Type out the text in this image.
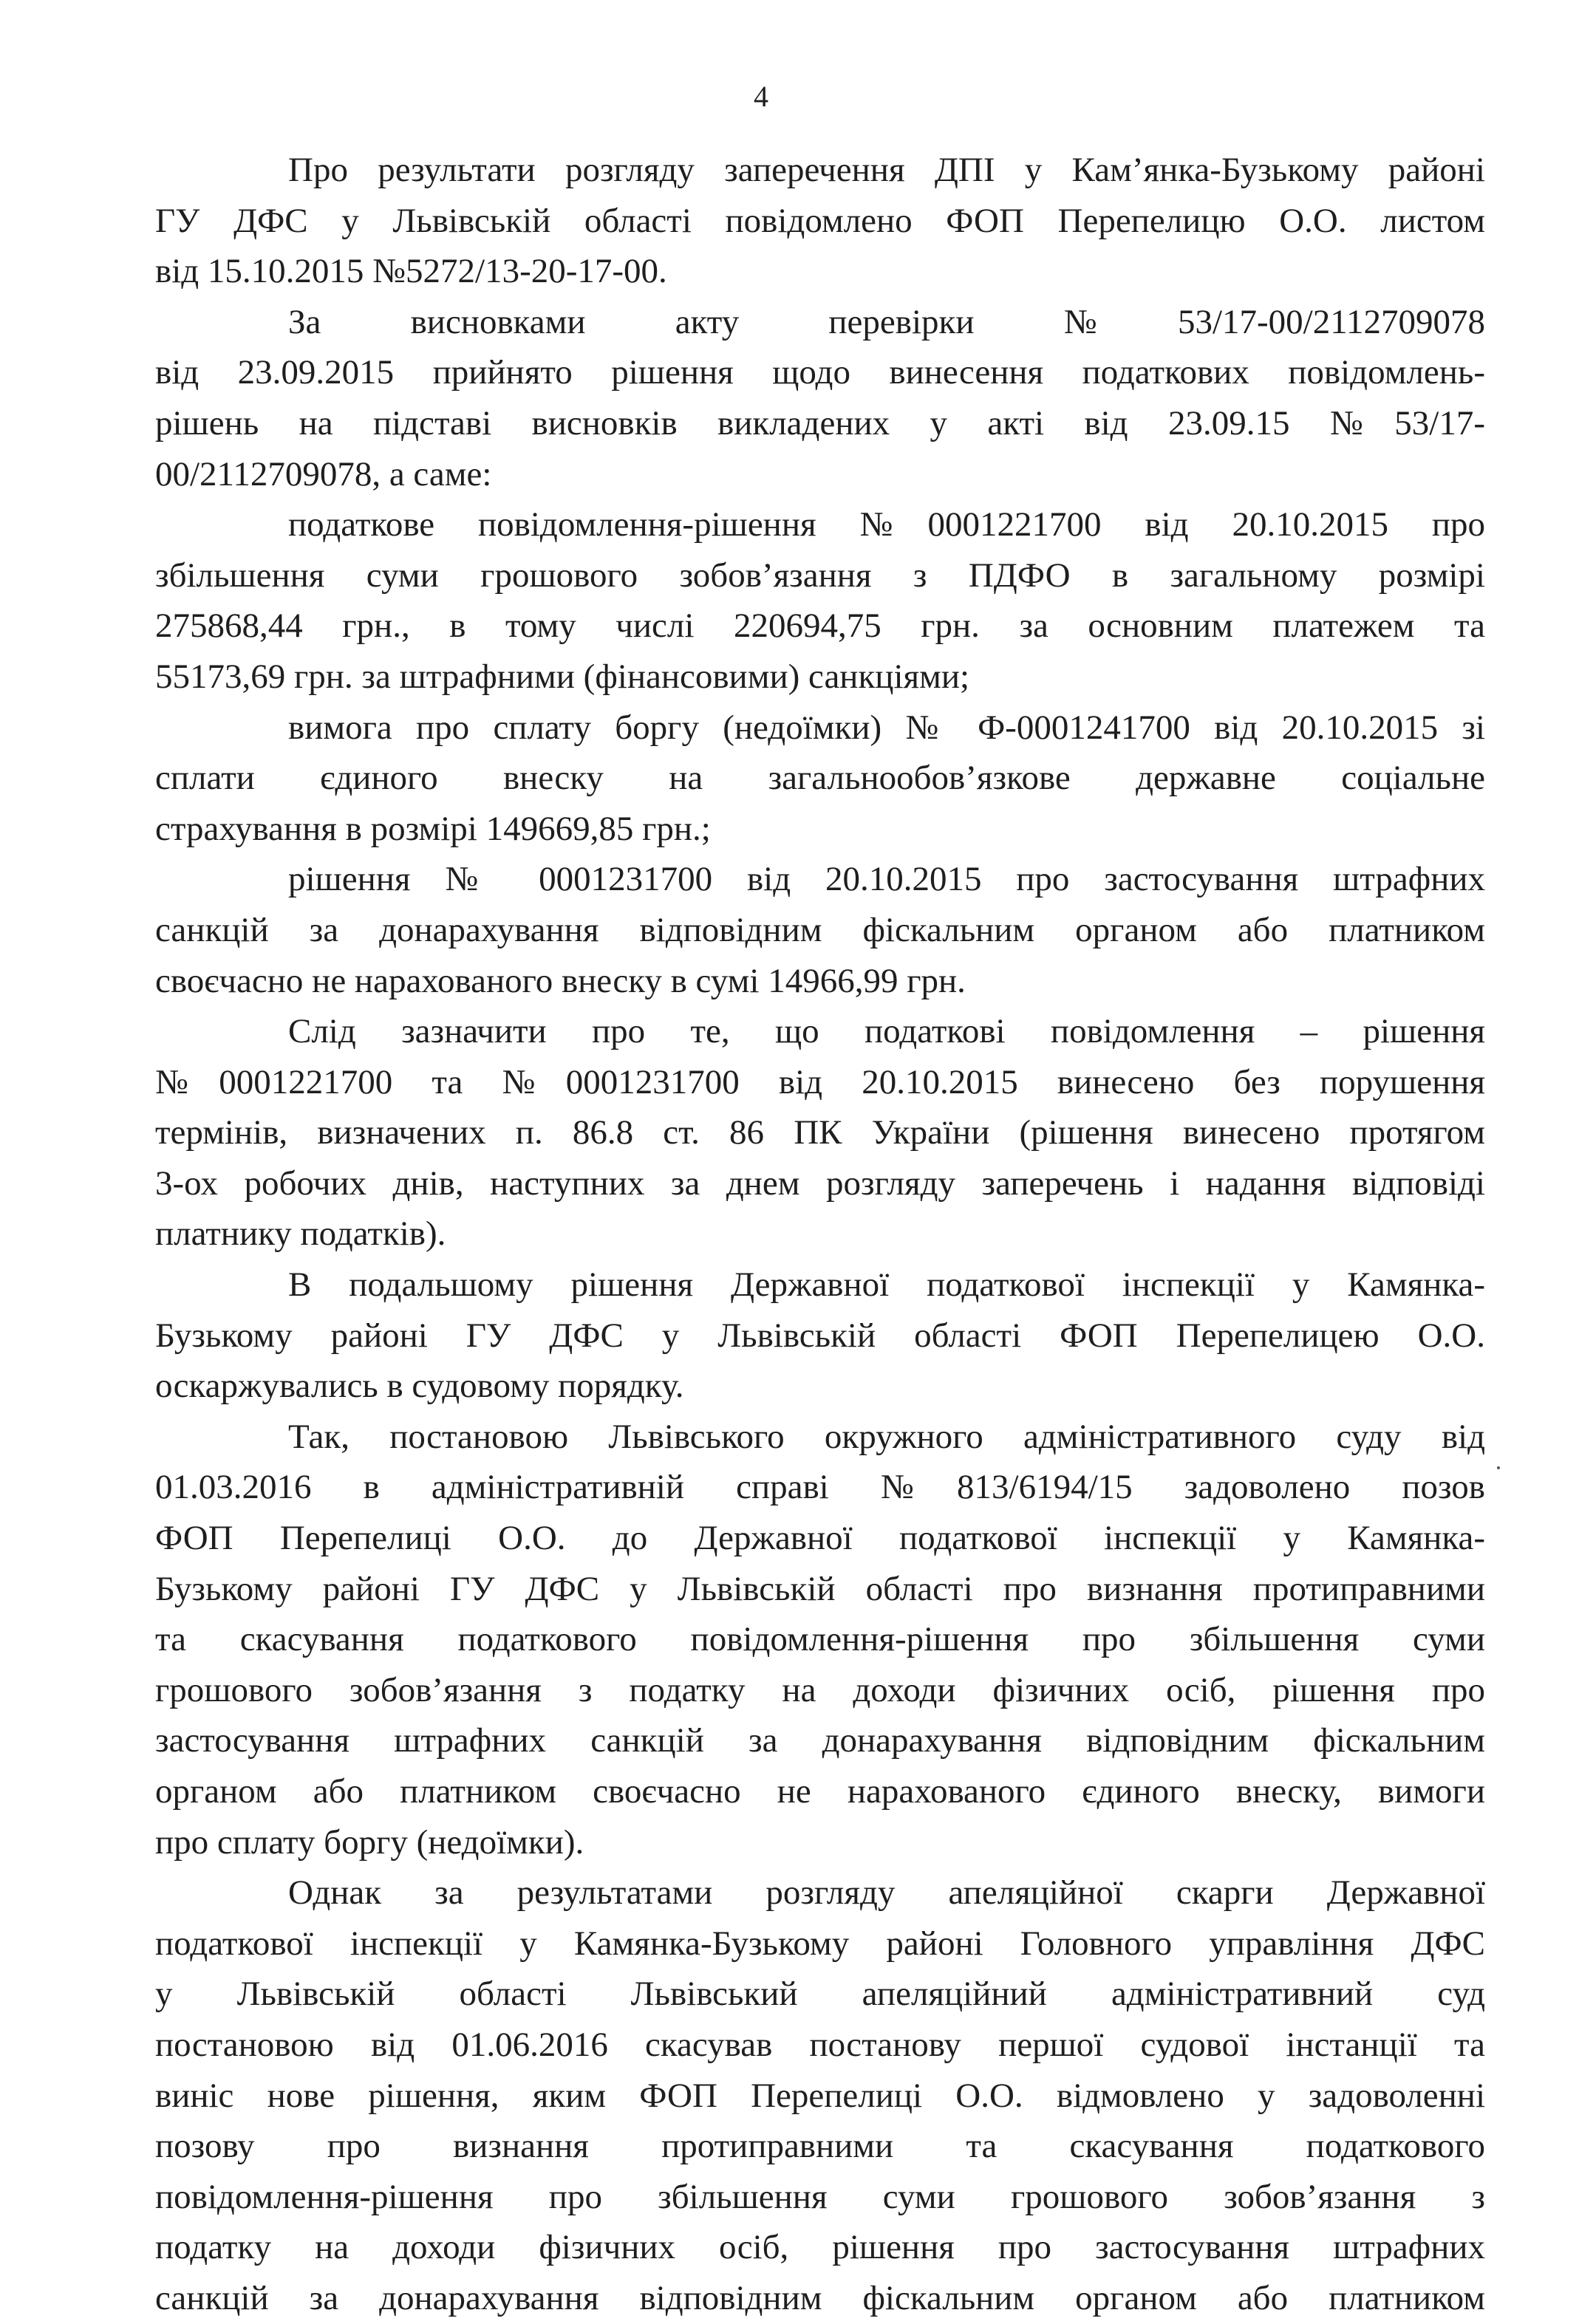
4
Про результати розгляду заперечення ДПІ у Кам’янка-Бузькому районі
ГУ ДФС у Львівській області повідомлено ФОП Перепелицю О.О. листом
від 15.10.2015 №5272/13-20-17-00.
За висновками акту перевірки №53/17-00/2112709078
від 23.09.2015 прийнято рішення щодо винесення податкових повідомлень-
рішень на підставі висновків викладених у акті від 23.09.15 №53/17-
00/2112709078, а саме:
податкове повідомлення-рішення №0001221700 від 20.10.2015 про
збільшення суми грошового зобов’язання з ПДФО в загальному розмірі
275868,44 грн., в тому числі 220694,75 грн. за основним платежем та
55173,69 грн. за штрафними (фінансовими) санкціями;
вимога про сплату боргу (недоїмки) № Ф-0001241700 від 20.10.2015 зі
сплати єдиного внеску на загальнообов’язкове державне соціальне
страхування в розмірі 149669,85 грн.;
рішення № 0001231700 від 20.10.2015 про застосування штрафних
санкцій за донарахування відповідним фіскальним органом або платником
своєчасно не нарахованого внеску в сумі 14966,99 грн.
Слід зазначити про те, що податкові повідомлення – рішення
№0001221700 та №0001231700 від 20.10.2015 винесено без порушення
термінів, визначених п. 86.8 ст. 86 ПК України (рішення винесено протягом
3-ох робочих днів, наступних за днем розгляду заперечень і надання відповіді
платнику податків).
В подальшому рішення Державної податкової інспекції у Камянка-
Бузькому районі ГУ ДФС у Львівській області ФОП Перепелицею О.О.
оскаржувались в судовому порядку.
Так, постановою Львівського окружного адміністративного суду від
01.03.2016 в адміністративній справі №813/6194/15 задоволено позов
ФОП Перепелиці О.О. до Державної податкової інспекції у Камянка-
Бузькому районі ГУ ДФС у Львівській області про визнання протиправними
та скасування податкового повідомлення-рішення про збільшення суми
грошового зобов’язання з податку на доходи фізичних осіб, рішення про
застосування штрафних санкцій за донарахування відповідним фіскальним
органом або платником своєчасно не нарахованого єдиного внеску, вимоги
про сплату боргу (недоїмки).
Однак за результатами розгляду апеляційної скарги Державної
податкової інспекції у Камянка-Бузькому районі Головного управління ДФС
у Львівській області Львівський апеляційний адміністративний суд
постановою від 01.06.2016 скасував постанову першої судової інстанції та
виніс нове рішення, яким ФОП Перепелиці О.О. відмовлено у задоволенні
позову про визнання протиправними та скасування податкового
повідомлення-рішення про збільшення суми грошового зобов’язання з
податку на доходи фізичних осіб, рішення про застосування штрафних
санкцій за донарахування відповідним фіскальним органом або платником
